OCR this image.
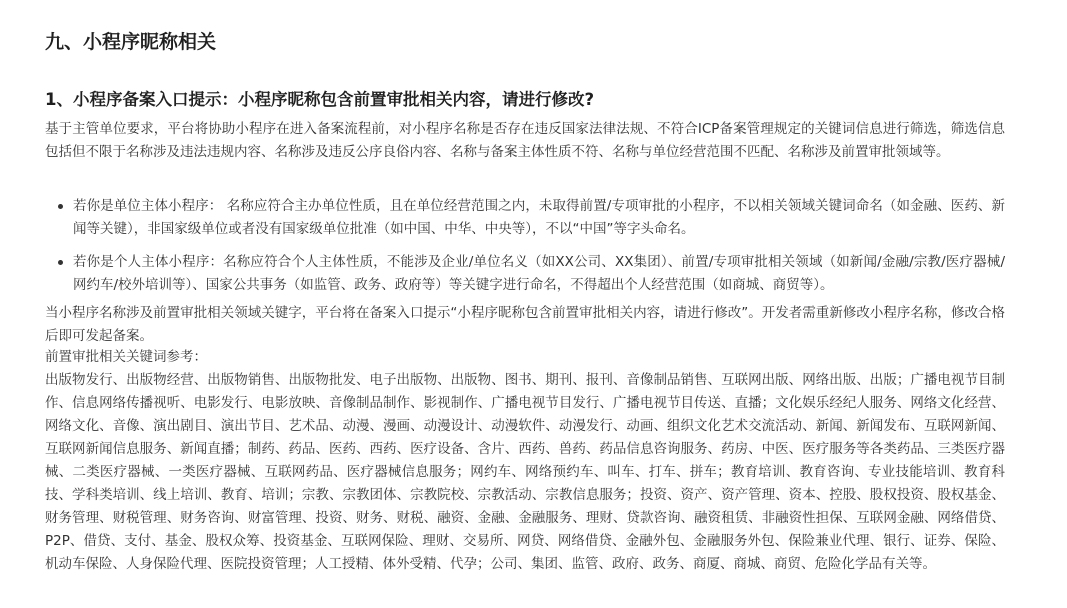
九、小程序昵称相关
1、小程序备案入口提示：小程序昵称包含前置审批相关内容，请进行修改?

基于主管单位要求，平台将协助小程序在进入备案流程前，对小程序名称是否存在违反国家法律法规、不符合ICP备案管理规定的关键词信息进行筛选，筛选信息包括但不限于名称涉及违法违规内容、名称涉及违反公序良俗内容、名称与备案主体性质不符、名称与单位经营范围不匹配、名称涉及前置审批领域等。

若你是单位主体小程序： 名称应符合主办单位性质，且在单位经营范围之内，未取得前置/专项审批的小程序，不以相关领域关键词命名（如金融、医药、新闻等关键），非国家级单位或者没有国家级单位批准（如中国、中华、中央等），不以“中国”等字头命名。
若你是个人主体小程序：名称应符合个人主体性质，不能涉及企业/单位名义（如XX公司、XX集团）、前置/专项审批相关领域（如新闻/金融/宗教/医疗器械/网约车/校外培训等）、国家公共事务（如监管、政务、政府等）等关键字进行命名，不得超出个人经营范围（如商城、商贸等）。

当小程序名称涉及前置审批相关领域关键字，平台将在备案入口提示“小程序昵称包含前置审批相关内容，请进行修改”。开发者需重新修改小程序名称，修改合格后即可发起备案。

前置审批相关关键词参考：

出版物发行、出版物经营、出版物销售、出版物批发、电子出版物、出版物、图书、期刊、报刊、音像制品销售、互联网出版、网络出版、出版；广播电视节目制作、信息网络传播视听、电影发行、电影放映、音像制品制作、影视制作、广播电视节目发行、广播电视节目传送、直播；文化娱乐经纪人服务、网络文化经营、网络文化、音像、演出剧目、演出节目、艺术品、动漫、漫画、动漫设计、动漫软件、动漫发行、动画、组织文化艺术交流活动、新闻、新闻发布、互联网新闻、互联网新闻信息服务、新闻直播；制药、药品、医药、西药、医疗设备、含片、西药、兽药、药品信息咨询服务、药房、中医、医疗服务等各类药品、三类医疗器械、二类医疗器械、一类医疗器械、互联网药品、医疗器械信息服务；网约车、网络预约车、叫车、打车、拼车；教育培训、教育咨询、专业技能培训、教育科技、学科类培训、线上培训、教育、培训；宗教、宗教团体、宗教院校、宗教活动、宗教信息服务；投资、资产、资产管理、资本、控股、股权投资、股权基金、财务管理、财税管理、财务咨询、财富管理、投资、财务、财税、融资、金融、金融服务、理财、贷款咨询、融资租赁、非融资性担保、互联网金融、网络借贷、P2P、借贷、支付、基金、股权众筹、投资基金、互联网保险、理财、交易所、网贷、网络借贷、金融外包、金融服务外包、保险兼业代理、银行、证券、保险、机动车保险、人身保险代理、医院投资管理；人工授精、体外受精、代孕；公司、集团、监管、政府、政务、商厦、商城、商贸、危险化学品有关等。
